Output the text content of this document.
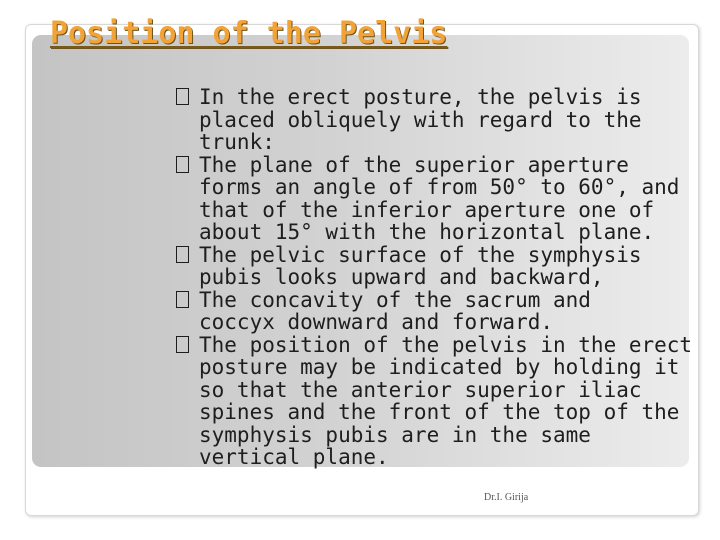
Position of the Pelvis
In the erect posture, the pelvis is
placed obliquely with regard to the
trunk:
The plane of the superior aperture
forms an angle of from 50° to 60°, and
that of the inferior aperture one of
about 15° with the horizontal plane.
The pelvic surface of the symphysis
pubis looks upward and backward,
The concavity of the sacrum and
coccyx downward and forward.
The position of the pelvis in the erect
posture may be indicated by holding it
so that the anterior superior iliac
spines and the front of the top of the
symphysis pubis are in the same
vertical plane.
Dr.I. Girija
